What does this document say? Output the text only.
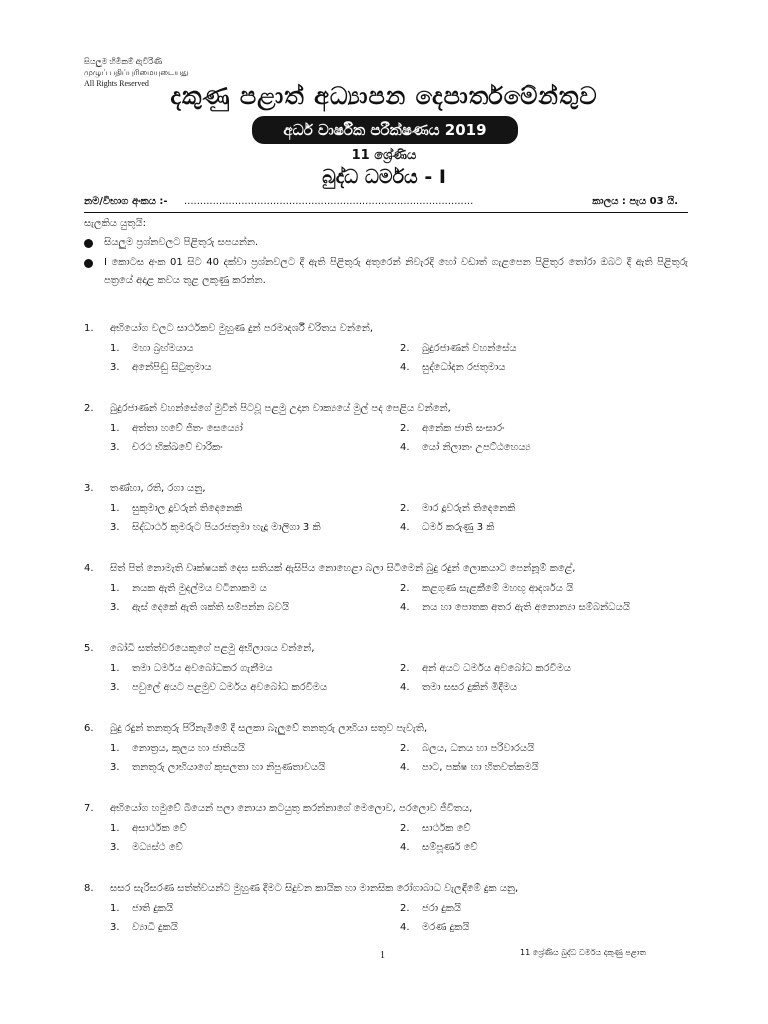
සියලුම හිමිකම් ඇවිරිණි
முழுப் பதிப்புரிமையுடையது
All Rights Reserved දකුණු පළාත් අධ්‍යාපන දෙපාර්තමේන්තුව
අර්ධ වාර්ෂික පරීක්ෂණය 2019
11 ශ්‍රේණිය
බුද්ධ ධර්මය - I
නම/විභාග අංකය :- ...........................................................................................	කාලය : පැය 03 යි.
සැලකිය යුතුයි:
සියලුම ප්‍රශ්නවලට පිළිතුරු සපයන්න.
I කොටස අංක 01 සිට 40 දක්වා ප්‍රශ්නවලට දී ඇති පිළිතුරු අතුරෙන් නිවැරදි හෝ වඩාත් ගැළපෙන පිළිතුර තෝරා ඔබට දී ඇති පිළිතුරු පත්‍රයේ අදාළ කවය තුළ ලකුණු කරන්න.
1. අභියෝග වලට සාර්ථකව මුහුණ දුන් පරමාදර්ශී චරිතය වන්නේ,
1. මහා බ්‍රහ්මයාය	2. බුදුරජාණන් වහන්සේය
3. අනේපිඬු සිටුතුමාය	4. සුද්ධෝදන රජතුමාය
2. බුදුරජාණන් වහන්සේගේ මුවින් පිටවූ පළමු උදාන වාක්‍යයේ මුල් පද පෙළිය වන්නේ,
1. අත්තා හවේ ජිතං සෙය්‍යෝ	2. අනේක ජාති සංසාරං
3. චරථ භික්ඛවේ චාරිකං	4. යෝ නිලානං උපට්ඨහෙය්‍ය
3. තණ්හා, රති, රගා යනු,
1. සුකුමාල දූවරුන් තිදෙනෙකි	2. මාර දූවරුන් තිදෙනෙකි
3. සිද්ධාර්ථ කුමරුට පියරජතුමා හැදූ මාලිගා 3 කි	4. ධර්ම කරුණු 3 කි
4. සිත් පිත් නොමැති වෘක්ෂයක් දෙස සතියක් ඇසිපිය නොහෙළා බලා සිටීමෙන් බුදු රදුන් ලොකයාට පෙන්නූම් කළේ,
1. නයක ඇති මුදල්මය වටිනාකම ය	2. කළගුණ සැළකීමේ මහඟු ආදර්ශය යි
3. ඇස් දෙකේ ඇති ශක්ති සම්පන්න බවයි	4. නය හා පොතක අතර ඇති අනොන්‍යා සම්බන්ධයයි
5. බෝධි සත්ත්වරයෙකුගේ පළමු අභිලාශය වන්නේ,
1. තමා ධර්මය අවබෝධකර ගැනීමය	2. අන් අයට ධර්මය අවබෝධ කරවීමය
3. පවුලේ අයට පළමුව ධර්මය අවබෝධ කරවීමය	4. තමා සසර දුකින් මිදීමය
6. බුදු රදුන් තනතුරු පිරිනැමීමේ දී සලකා බැලුවේ තනතුරු ලාභියා සතුව පැවැති,
1. නොත්‍රය, කුලය හා ජාතියයි	2. බලය, ධනය හා පරිවාරයයි
3. තනතුරු ලාභියාගේ කුසලතා හා නිපුණතාවයයි	4. පාට, පක්ෂ හා හිතවත්කමයි
7. අභියෝග හමුවේ බියෙන් පලා නොයා කටයුතු කරන්නාගේ මෙලොව, පරලොව ජීවිතය,
1. අසාර්ථක වේ	2. සාර්ථක වේ
3. මධ්‍යස්ථ වේ	4. සම්පූර්ණ වේ
8. සසර සැරිසරණ සත්ත්වයන්ට මුහුණ දීමට සිදුවන කායික හා මානසික රෝගාබාධ වැලඳීමේ දුක යනු,
1. ජාති දුකයි	2. ජරා දුකයි
3. ව්‍යාධි දුකයි	4. මරණ දුකයි
1	11 ශ්‍රේණිය බුද්ධ ධර්මය දකුණු පළාත
